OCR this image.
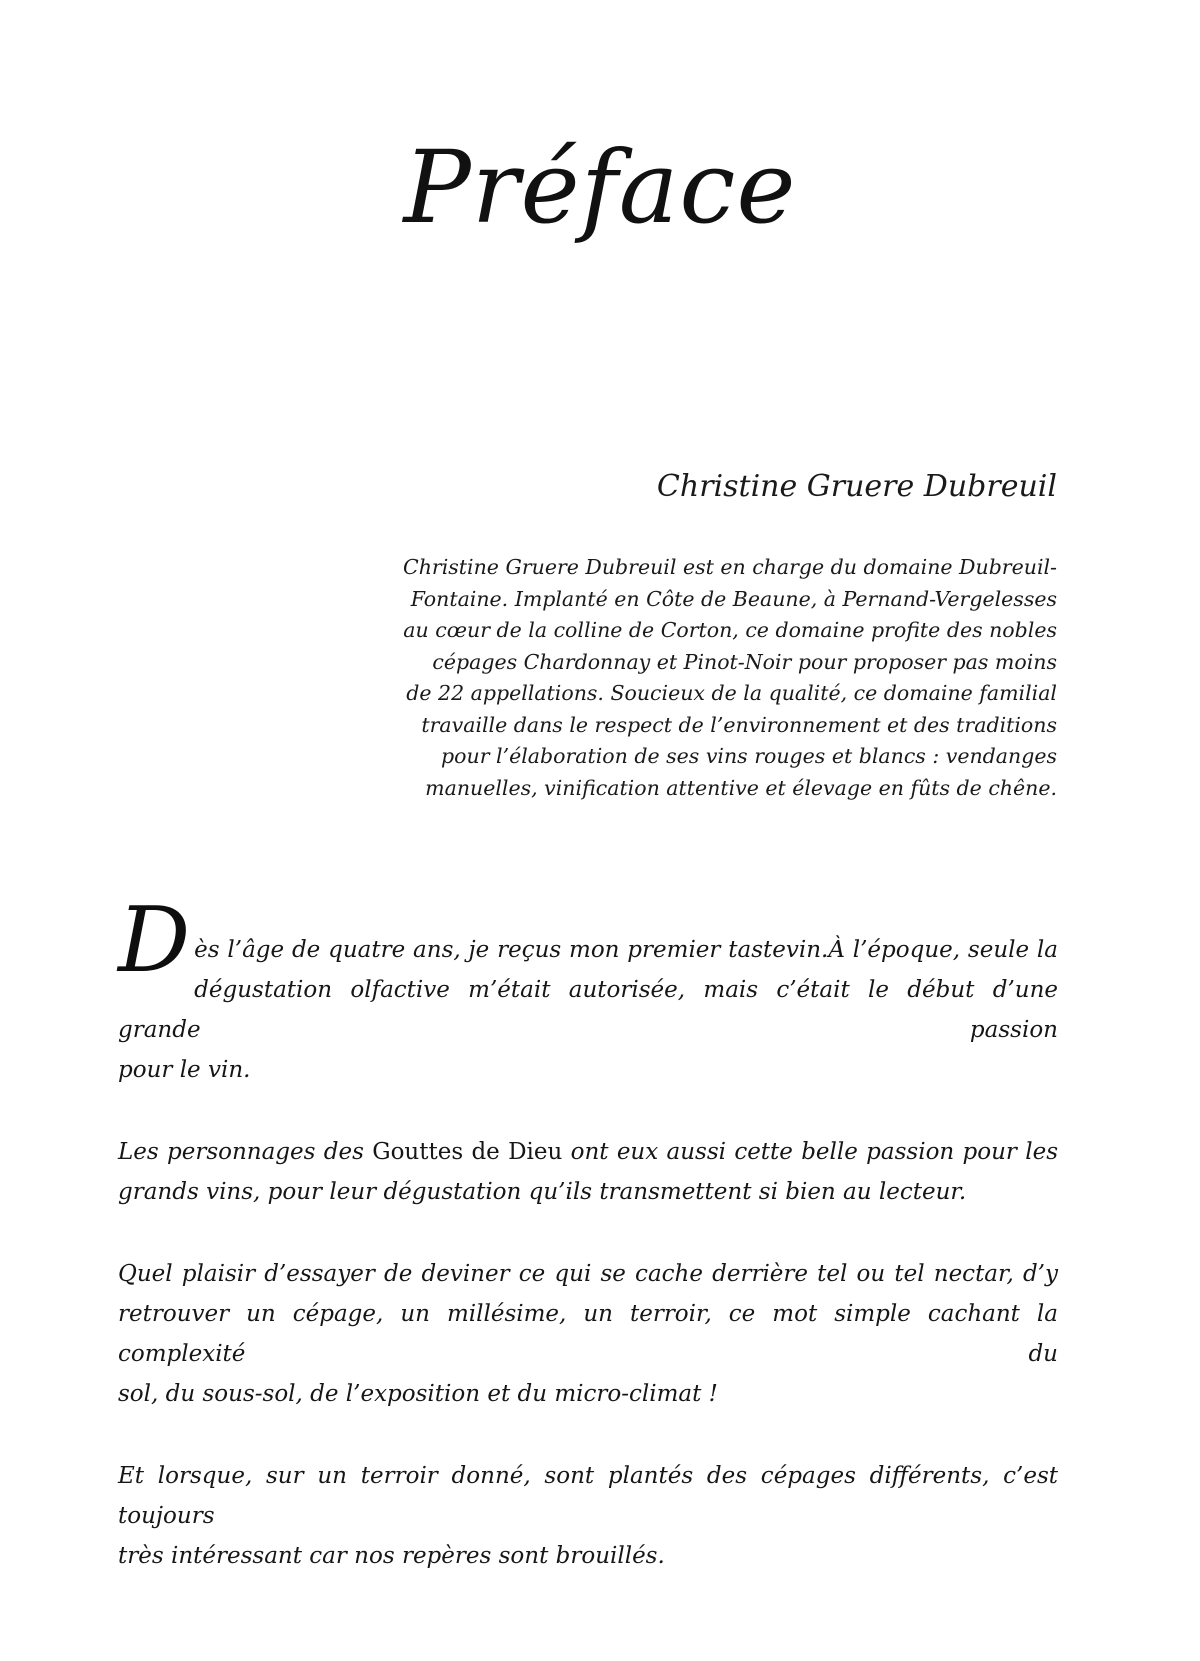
Préface
Christine Gruere Dubreuil
Christine Gruere Dubreuil est en charge du domaine Dubreuil-
Fontaine. Implanté en Côte de Beaune, à Pernand-Vergelesses
au cœur de la colline de Corton, ce domaine profite des nobles
cépages Chardonnay et Pinot-Noir pour proposer pas moins
de 22 appellations. Soucieux de la qualité, ce domaine familial
travaille dans le respect de l’environnement et des traditions
pour l’élaboration de ses vins rouges et blancs : vendanges
manuelles, vinification attentive et élevage en fûts de chêne.
Dès l’âge de quatre ans, je reçus mon premier tastevin.À l’époque, seule la
dégustation olfactive m’était autorisée, mais c’était le début d’une grande passion
pour le vin.
Les personnages des Gouttes de Dieu ont eux aussi cette belle passion pour les
grands vins, pour leur dégustation qu’ils transmettent si bien au lecteur.
Quel plaisir d’essayer de deviner ce qui se cache derrière tel ou tel nectar, d’y
retrouver un cépage, un millésime, un terroir, ce mot simple cachant la complexité du
sol, du sous-sol, de l’exposition et du micro-climat !
Et lorsque, sur un terroir donné, sont plantés des cépages différents, c’est toujours
très intéressant car nos repères sont brouillés.
